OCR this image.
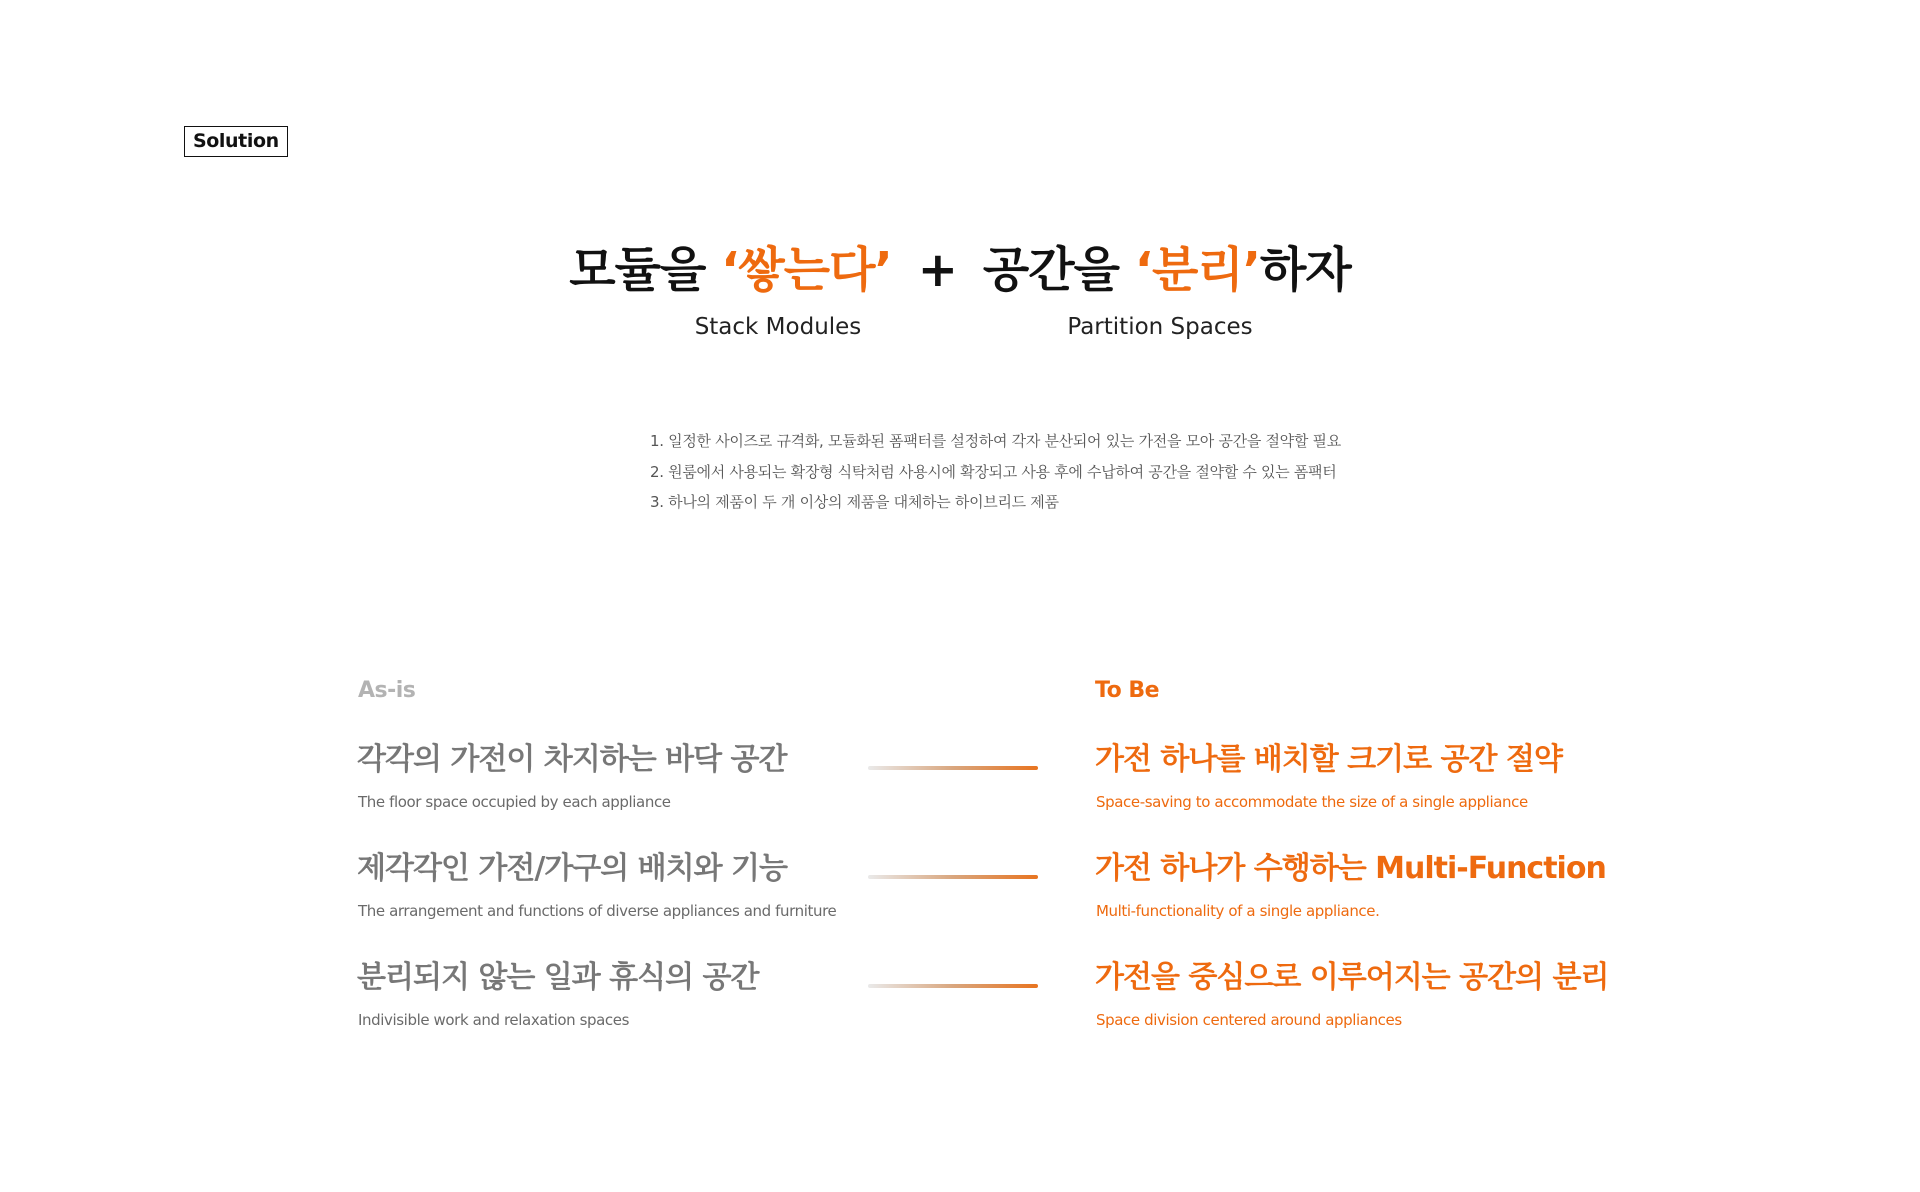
Solution
모듈을 ‘쌓는다’ + 공간을 ‘분리’하자
Stack Modules	Partition Spaces
1. 일정한 사이즈로 규격화, 모듈화된 폼팩터를 설정하여 각자 분산되어 있는 가전을 모아 공간을 절약할 필요
2. 원룸에서 사용되는 확장형 식탁처럼 사용시에 확장되고 사용 후에 수납하여 공간을 절약할 수 있는 폼팩터
3. 하나의 제품이 두 개 이상의 제품을 대체하는 하이브리드 제품
As-is	To Be
각각의 가전이 차지하는 바닥 공간
The floor space occupied by each appliance
가전 하나를 배치할 크기로 공간 절약
Space-saving to accommodate the size of a single appliance
제각각인 가전/가구의 배치와 기능
The arrangement and functions of diverse appliances and furniture
가전 하나가 수행하는 Multi-Function
Multi-functionality of a single appliance.
분리되지 않는 일과 휴식의 공간
Indivisible work and relaxation spaces
가전을 중심으로 이루어지는 공간의 분리
Space division centered around appliances
